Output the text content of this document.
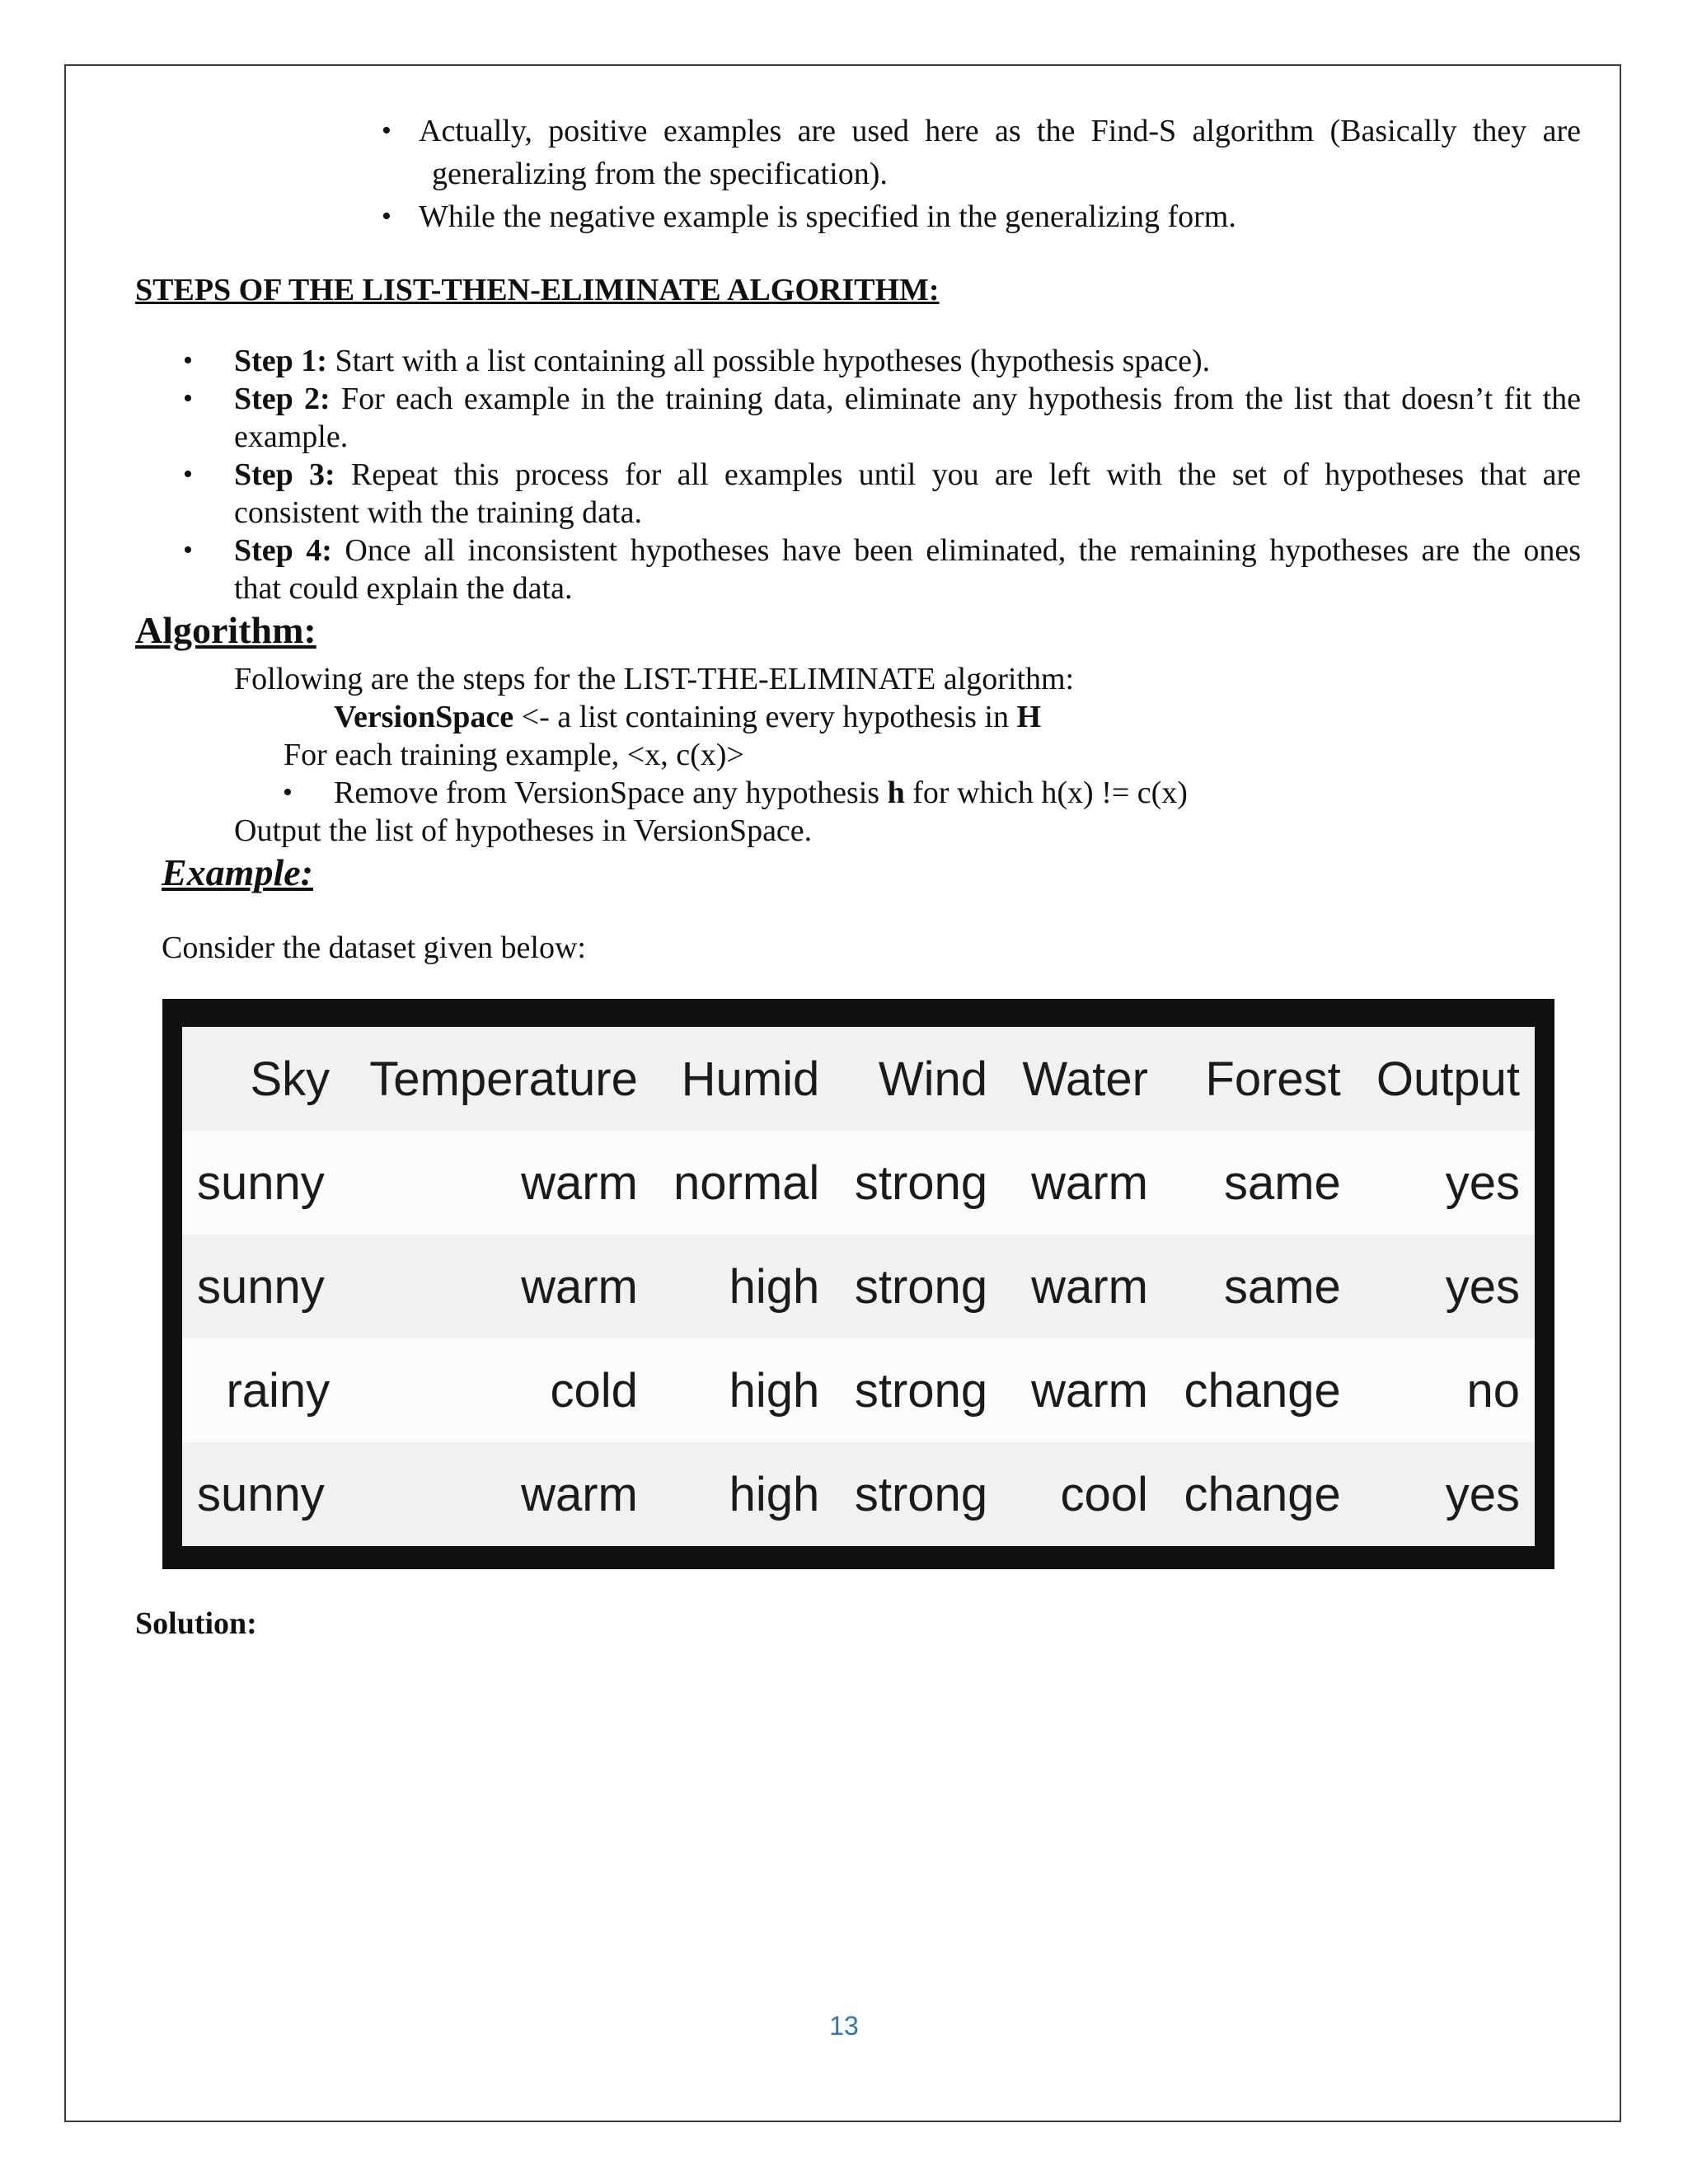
• Actually, positive examples are used here as the Find-S algorithm (Basically they are
generalizing from the specification).
• While the negative example is specified in the generalizing form.
STEPS OF THE LIST-THEN-ELIMINATE ALGORITHM:
• Step 1: Start with a list containing all possible hypotheses (hypothesis space).
• Step 2: For each example in the training data, eliminate any hypothesis from the list that doesn’t fit the
example.
• Step 3: Repeat this process for all examples until you are left with the set of hypotheses that are
consistent with the training data.
• Step 4: Once all inconsistent hypotheses have been eliminated, the remaining hypotheses are the ones
that could explain the data.
Algorithm:
Following are the steps for the LIST-THE-ELIMINATE algorithm:
VersionSpace <- a list containing every hypothesis in H
For each training example, <x, c(x)>
• Remove from VersionSpace any hypothesis h for which h(x) != c(x)
Output the list of hypotheses in VersionSpace.
Example:
Consider the dataset given below:
Sky	Temperature	Humid	Wind	Water	Forest	Output
sunny	warm	normal	strong	warm	same	yes
sunny	warm	high	strong	warm	same	yes
rainy	cold	high	strong	warm	change	no
sunny	warm	high	strong	cool	change	yes
Solution:
13
